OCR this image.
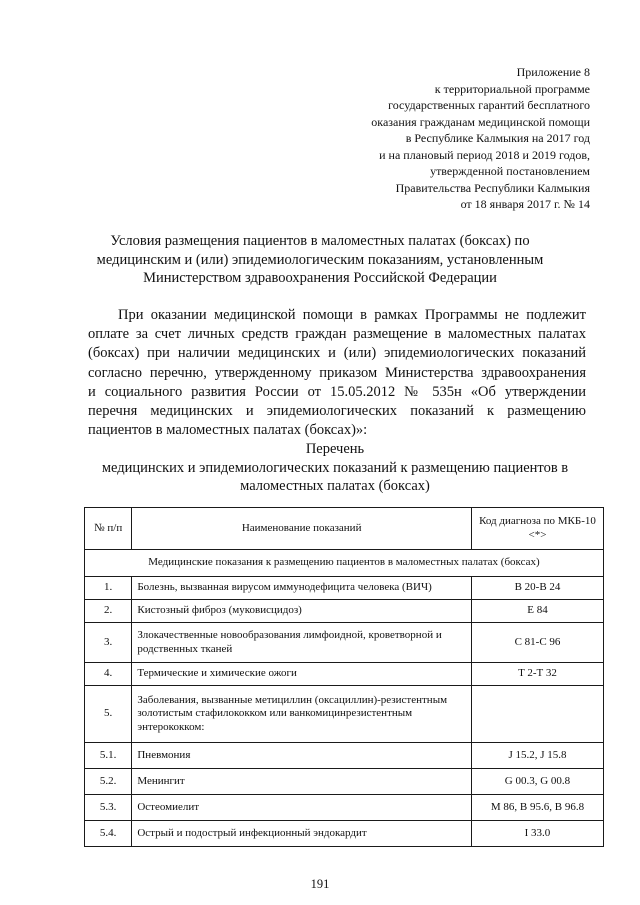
Приложение 8
к территориальной программе
государственных гарантий бесплатного
оказания гражданам медицинской помощи
в Республике Калмыкия на 2017 год
и на плановый период 2018 и 2019 годов,
утвержденной постановлением
Правительства Республики Калмыкия
от 18 января 2017 г. № 14
Условия размещения пациентов в маломестных палатах (боксах) по
медицинским и (или) эпидемиологическим показаниям, установленным
Министерством здравоохранения Российской Федерации
При оказании медицинской помощи в рамках Программы не подлежит
оплате за счет личных средств граждан размещение в маломестных палатах
(боксах) при наличии медицинских и (или) эпидемиологических показаний
согласно перечню, утвержденному приказом Министерства здравоохранения
и социального развития России от 15.05.2012 № 535н «Об утверждении
перечня медицинских и эпидемиологических показаний к размещению
пациентов в маломестных палатах (боксах)»:
Перечень
медицинских и эпидемиологических показаний к размещению пациентов в
маломестных палатах (боксах)
№ п/п	Наименование показаний	Код диагноза по МКБ-10
<*>

Медицинские показания к размещению пациентов в маломестных палатах (боксах)		
1.	Болезнь, вызванная вирусом иммунодефицита человека (ВИЧ)	B 20-B 24
2.	Кистозный фиброз (муковисцидоз)	E 84
3.	Злокачественные новообразования лимфоидной, кроветворной и родственных тканей	C 81-C 96
4.	Термические и химические ожоги	T 2-T 32
5.	Заболевания, вызванные метициллин (оксациллин)-резистентным золотистым стафилококком или ванкомицинрезистентным энтерококком:	
5.1.	Пневмония	J 15.2, J 15.8
5.2.	Менингит	G 00.3, G 00.8
5.3.	Остеомиелит	M 86, B 95.6, B 96.8
5.4.	Острый и подострый инфекционный эндокардит	I 33.0
191
